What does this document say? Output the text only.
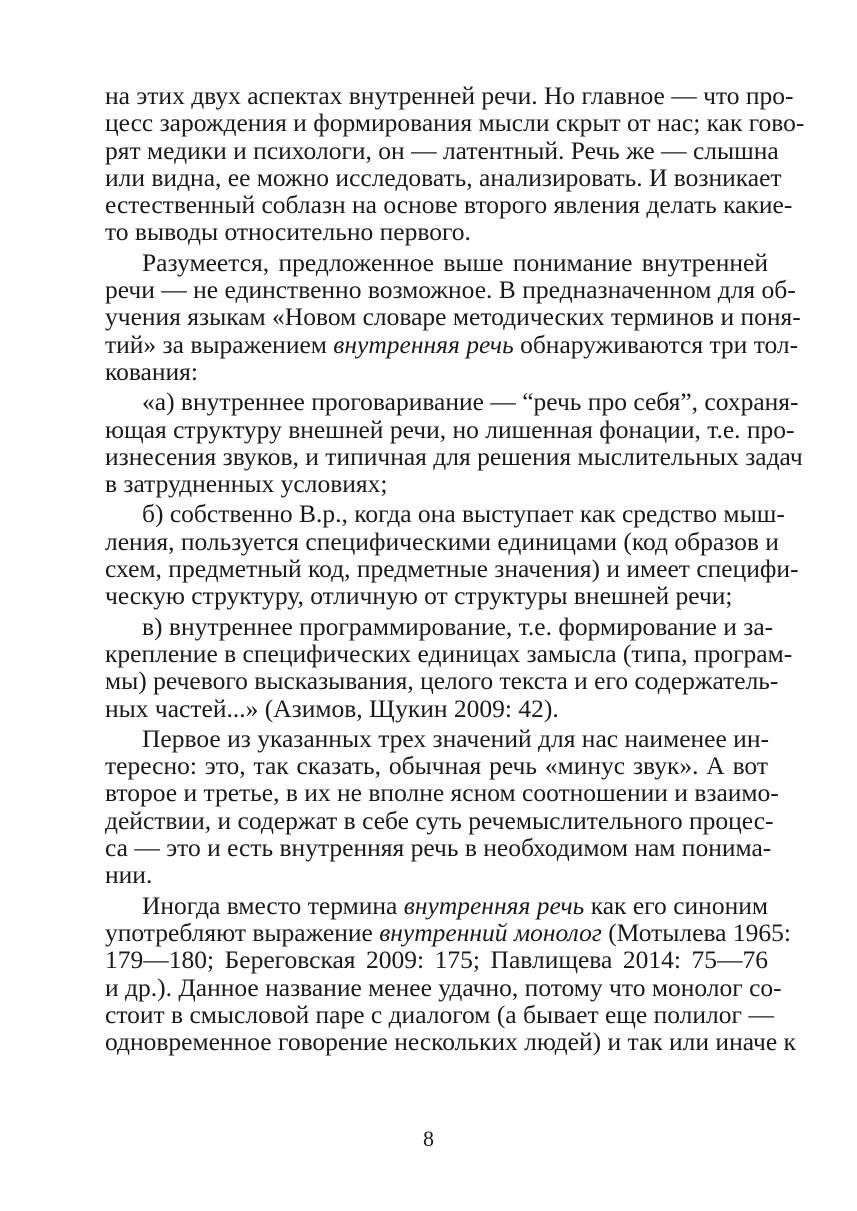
на этих двух аспектах внутренней речи. Но главное — что про-
цесс зарождения и формирования мысли скрыт от нас; как гово-
рят медики и психологи, он — латентный. Речь же — слышна
или видна, ее можно исследовать, анализировать. И возникает
естественный соблазн на основе второго явления делать какие-
то выводы относительно первого.
Разумеется, предложенное выше понимание внутренней
речи — не единственно возможное. В предназначенном для об-
учения языкам «Новом словаре методических терминов и поня-
тий» за выражением внутренняя речь обнаруживаются три тол-
кования:
«а) внутреннее проговаривание — “речь про себя”, сохраня-
ющая структуру внешней речи, но лишенная фонации, т.е. про-
изнесения звуков, и типичная для решения мыслительных задач
в затрудненных условиях;
б) собственно В.р., когда она выступает как средство мыш-
ления, пользуется специфическими единицами (код образов и
схем, предметный код, предметные значения) и имеет специфи-
ческую структуру, отличную от структуры внешней речи;
в) внутреннее программирование, т.е. формирование и за-
крепление в специфических единицах замысла (типа, програм-
мы) речевого высказывания, целого текста и его содержатель-
ных частей...» (Азимов, Щукин 2009: 42).
Первое из указанных трех значений для нас наименее ин-
тересно: это, так сказать, обычная речь «минус звук». А вот
второе и третье, в их не вполне ясном соотношении и взаимо-
действии, и содержат в себе суть речемыслительного процес-
са — это и есть внутренняя речь в необходимом нам понима-
нии.
Иногда вместо термина внутренняя речь как его синоним
употребляют выражение внутренний монолог (Мотылева 1965:
179—180; Береговская 2009: 175; Павлищева 2014: 75—76
и др.). Данное название менее удачно, потому что монолог со-
стоит в смысловой паре с диалогом (а бывает еще полилог —
одновременное говорение нескольких людей) и так или иначе к
8
